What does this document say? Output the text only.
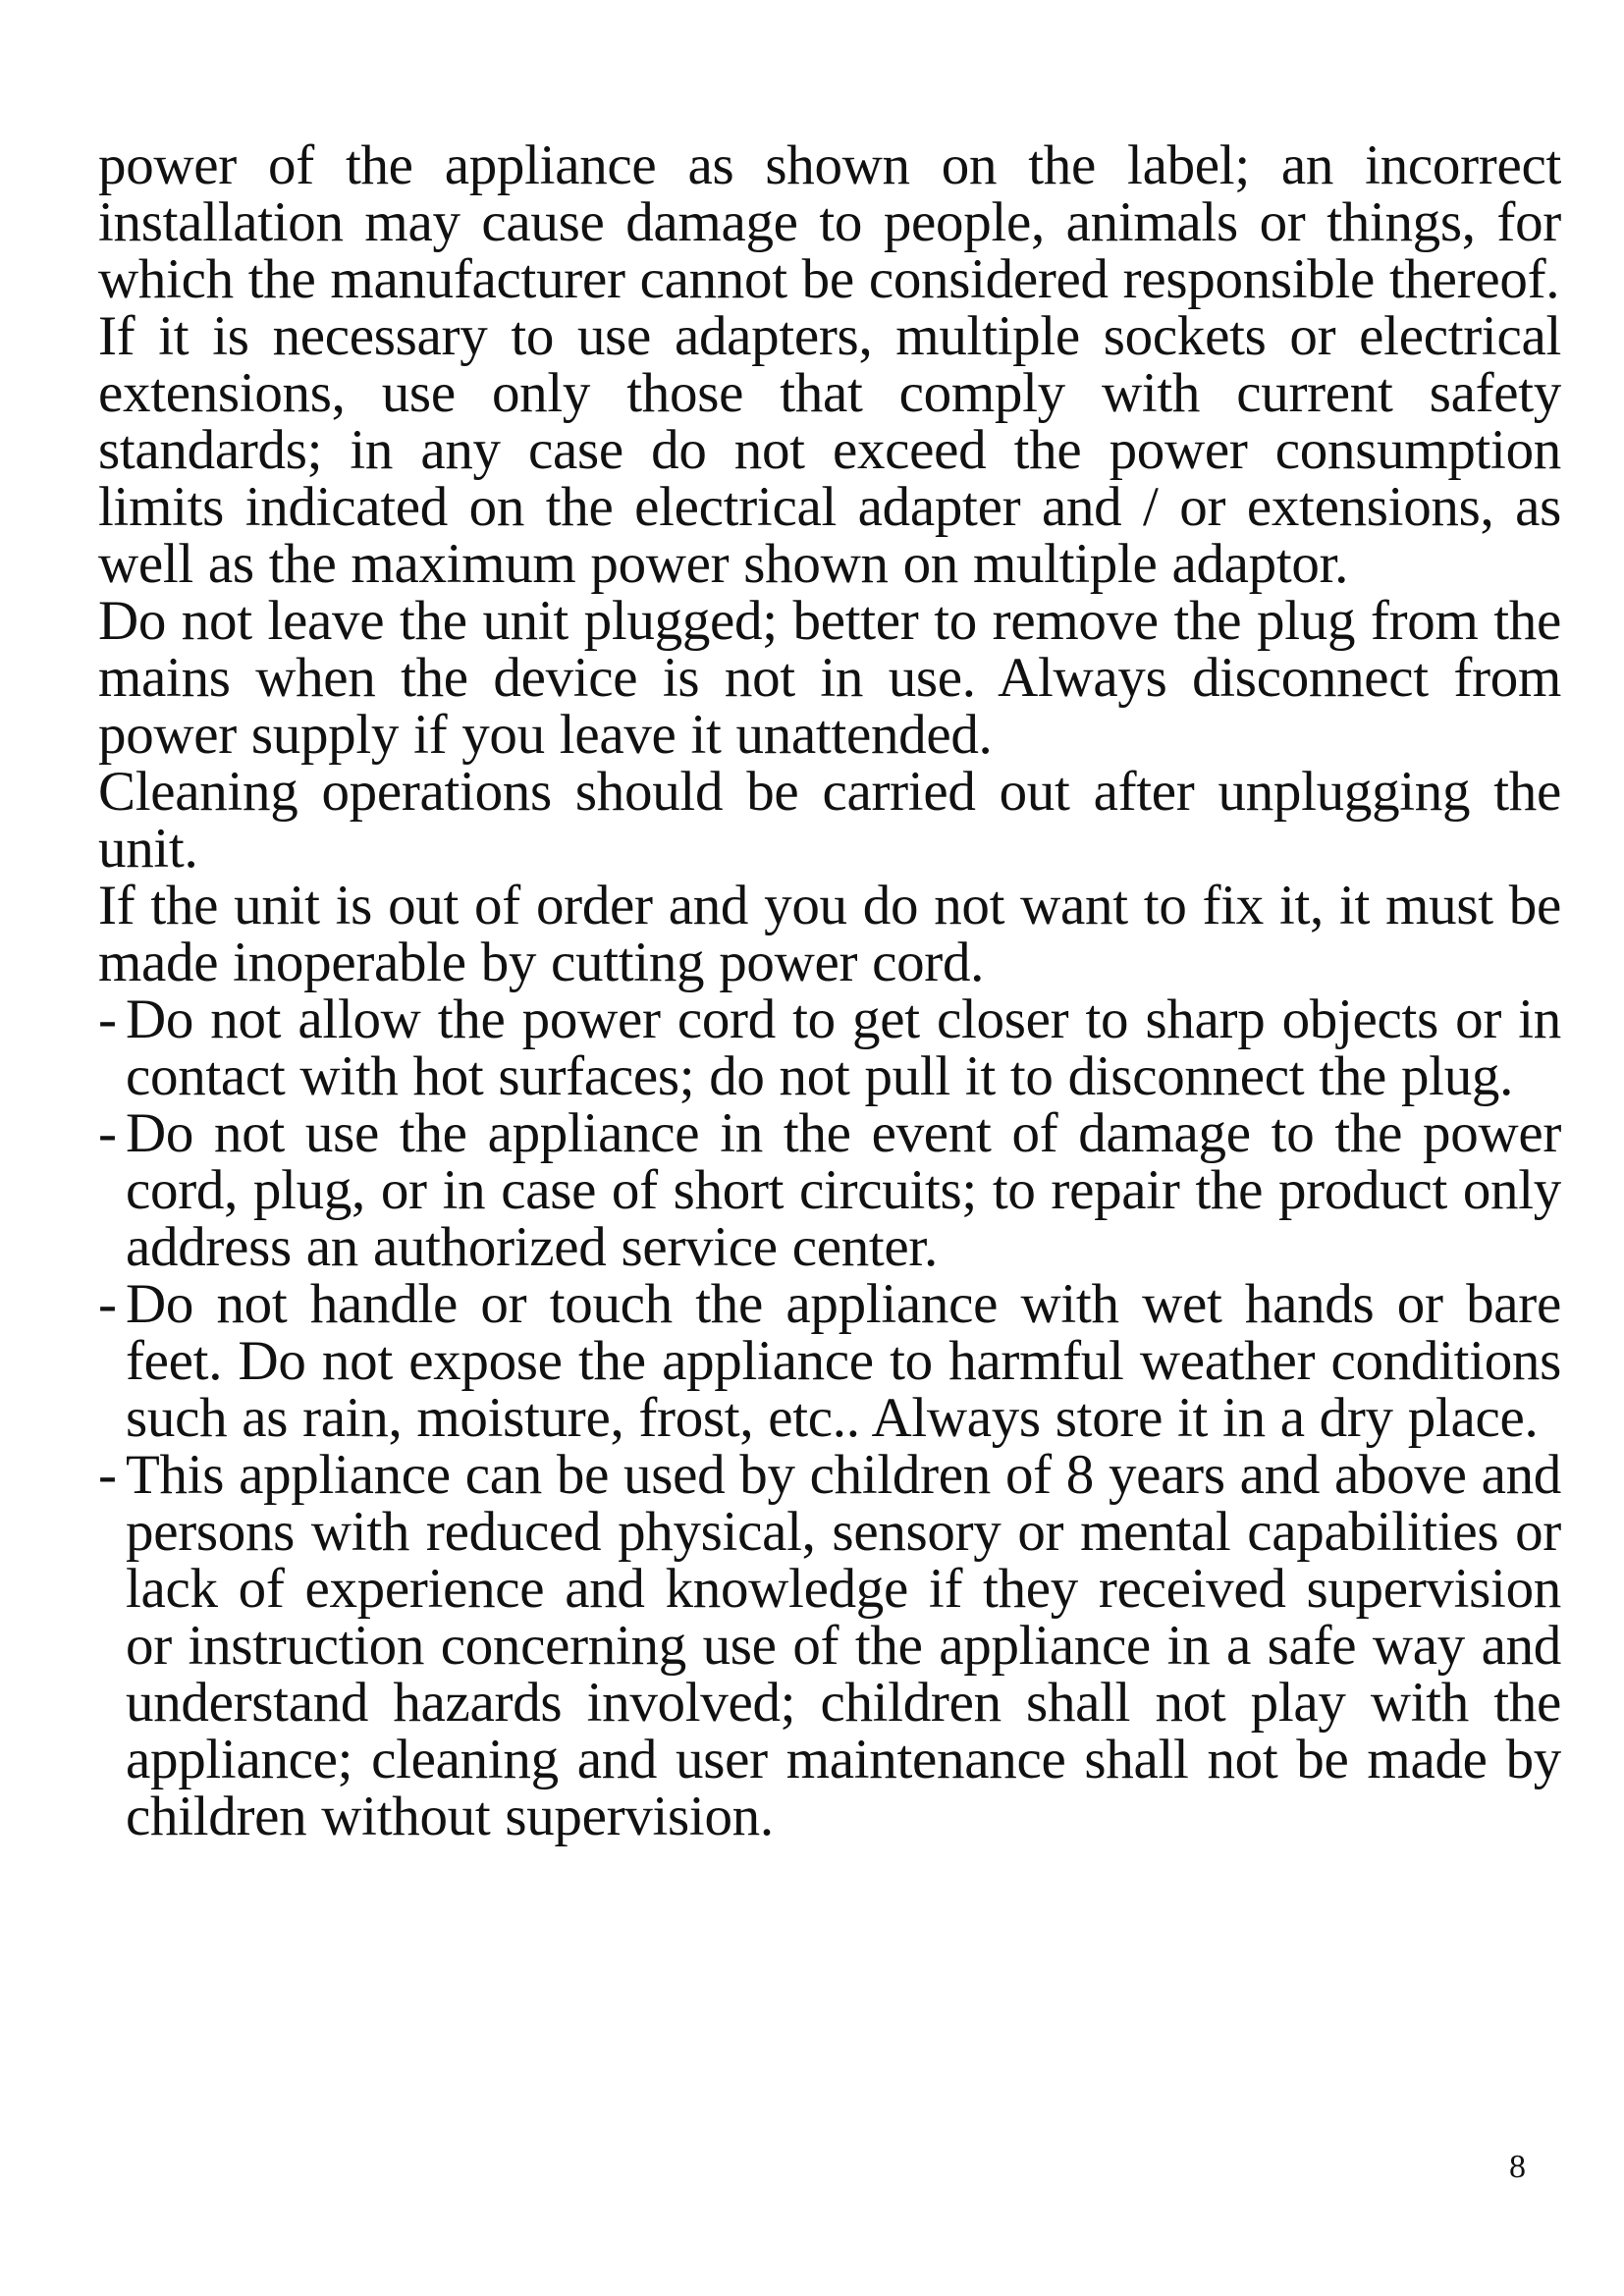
power of the appliance as shown on the label; an incorrect installation may cause damage to people, animals or things, for which the manufacturer cannot be considered responsible thereof.

If it is necessary to use adapters, multiple sockets or electrical extensions, use only those that comply with current safety standards; in any case do not exceed the power consumption limits indicated on the electrical adapter and / or extensions, as well as the maximum power shown on multiple adaptor.

Do not leave the unit plugged; better to remove the plug from the mains when the device is not in use. Always disconnect from power supply if you leave it unattended.

Cleaning operations should be carried out after unplugging the unit.

If the unit is out of order and you do not want to fix it, it must be made inoperable by cutting power cord.

- Do not allow the power cord to get closer to sharp objects or in contact with hot surfaces; do not pull it to disconnect the plug.
- Do not use the appliance in the event of damage to the power cord, plug, or in case of short circuits; to repair the product only address an authorized service center.
- Do not handle or touch the appliance with wet hands or bare feet. Do not expose the appliance to harmful weather conditions such as rain, moisture, frost, etc.. Always store it in a dry place.
- This appliance can be used by children of 8 years and above and persons with reduced physical, sensory or mental capabilities or lack of experience and knowledge if they received supervision or instruction concerning use of the appliance in a safe way and understand hazards involved; children shall not play with the appliance; cleaning and user maintenance shall not be made by children without supervision.
8
